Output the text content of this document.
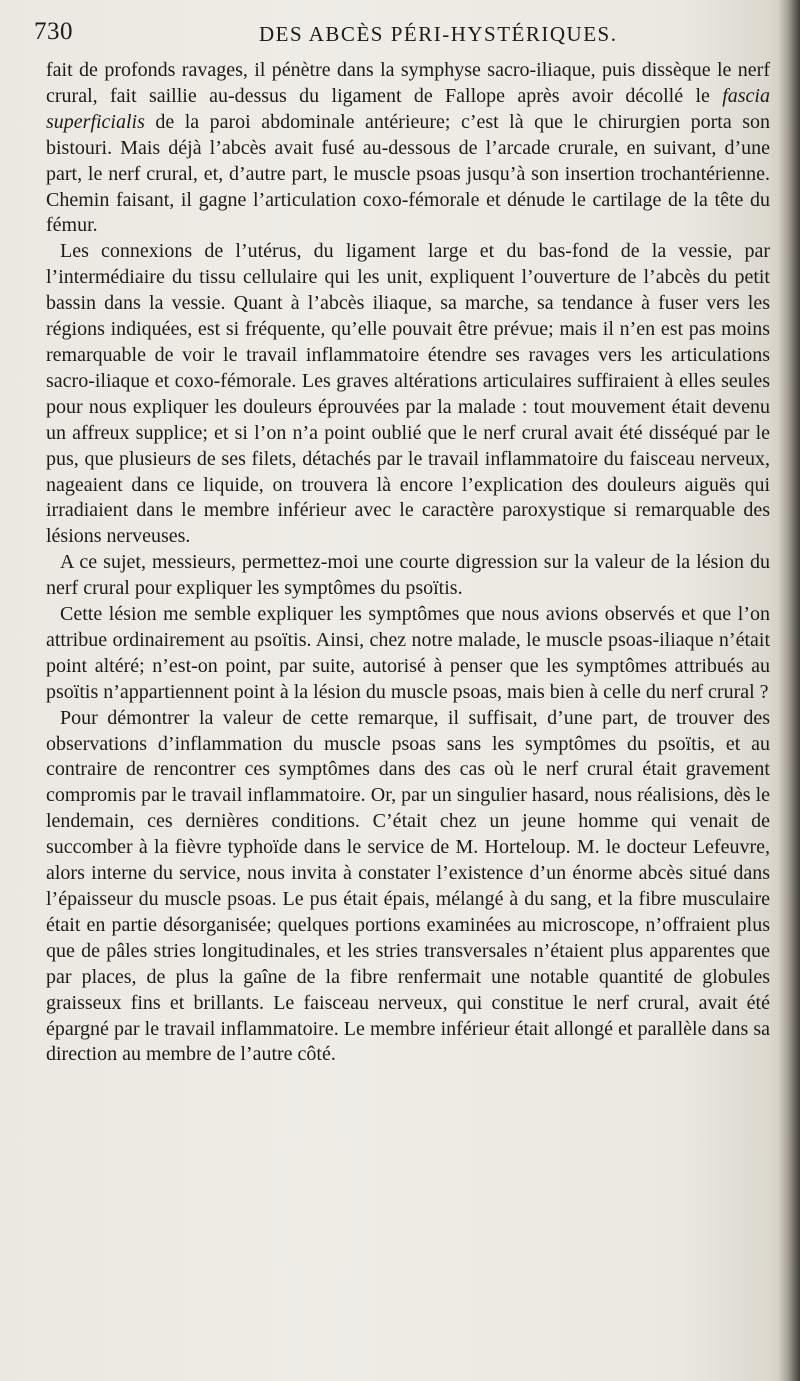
730	DES ABCÈS PÉRI-HYSTÉRIQUES.

fait de profonds ravages, il pénètre dans la symphyse sacro-iliaque, puis dissèque le nerf crural, fait saillie au-dessus du ligament de Fallope après avoir décollé le fascia superficialis de la paroi abdominale antérieure; c’est là que le chirurgien porta son bistouri. Mais déjà l’abcès avait fusé au-dessous de l’arcade crurale, en suivant, d’une part, le nerf crural, et, d’autre part, le muscle psoas jusqu’à son insertion trochantérienne. Chemin faisant, il gagne l’articulation coxo-fémorale et dénude le cartilage de la tête du fémur.

Les connexions de l’utérus, du ligament large et du bas-fond de la vessie, par l’intermédiaire du tissu cellulaire qui les unit, expliquent l’ouverture de l’abcès du petit bassin dans la vessie. Quant à l’abcès iliaque, sa marche, sa tendance à fuser vers les régions indiquées, est si fréquente, qu’elle pouvait être prévue; mais il n’en est pas moins remarquable de voir le travail inflammatoire étendre ses ravages vers les articulations sacro-iliaque et coxo-fémorale. Les graves altérations articulaires suffiraient à elles seules pour nous expliquer les douleurs éprouvées par la malade : tout mouvement était devenu un affreux supplice; et si l’on n’a point oublié que le nerf crural avait été disséqué par le pus, que plusieurs de ses filets, détachés par le travail inflammatoire du faisceau nerveux, nageaient dans ce liquide, on trouvera là encore l’explication des douleurs aiguës qui irradiaient dans le membre inférieur avec le caractère paroxystique si remarquable des lésions nerveuses.

A ce sujet, messieurs, permettez-moi une courte digression sur la valeur de la lésion du nerf crural pour expliquer les symptômes du psoïtis.

Cette lésion me semble expliquer les symptômes que nous avions observés et que l’on attribue ordinairement au psoïtis. Ainsi, chez notre malade, le muscle psoas-iliaque n’était point altéré; n’est-on point, par suite, autorisé à penser que les symptômes attribués au psoïtis n’appartiennent point à la lésion du muscle psoas, mais bien à celle du nerf crural ?

Pour démontrer la valeur de cette remarque, il suffisait, d’une part, de trouver des observations d’inflammation du muscle psoas sans les symptômes du psoïtis, et au contraire de rencontrer ces symptômes dans des cas où le nerf crural était gravement compromis par le travail inflammatoire. Or, par un singulier hasard, nous réalisions, dès le lendemain, ces dernières conditions. C’était chez un jeune homme qui venait de succomber à la fièvre typhoïde dans le service de M. Horteloup. M. le docteur Lefeuvre, alors interne du service, nous invita à constater l’existence d’un énorme abcès situé dans l’épaisseur du muscle psoas. Le pus était épais, mélangé à du sang, et la fibre musculaire était en partie désorganisée; quelques portions examinées au microscope, n’offraient plus que de pâles stries longitudinales, et les stries transversales n’étaient plus apparentes que par places, de plus la gaîne de la fibre renfermait une notable quantité de globules graisseux fins et brillants. Le faisceau nerveux, qui constitue le nerf crural, avait été épargné par le travail inflammatoire. Le membre inférieur était allongé et parallèle dans sa direction au membre de l’autre côté.
